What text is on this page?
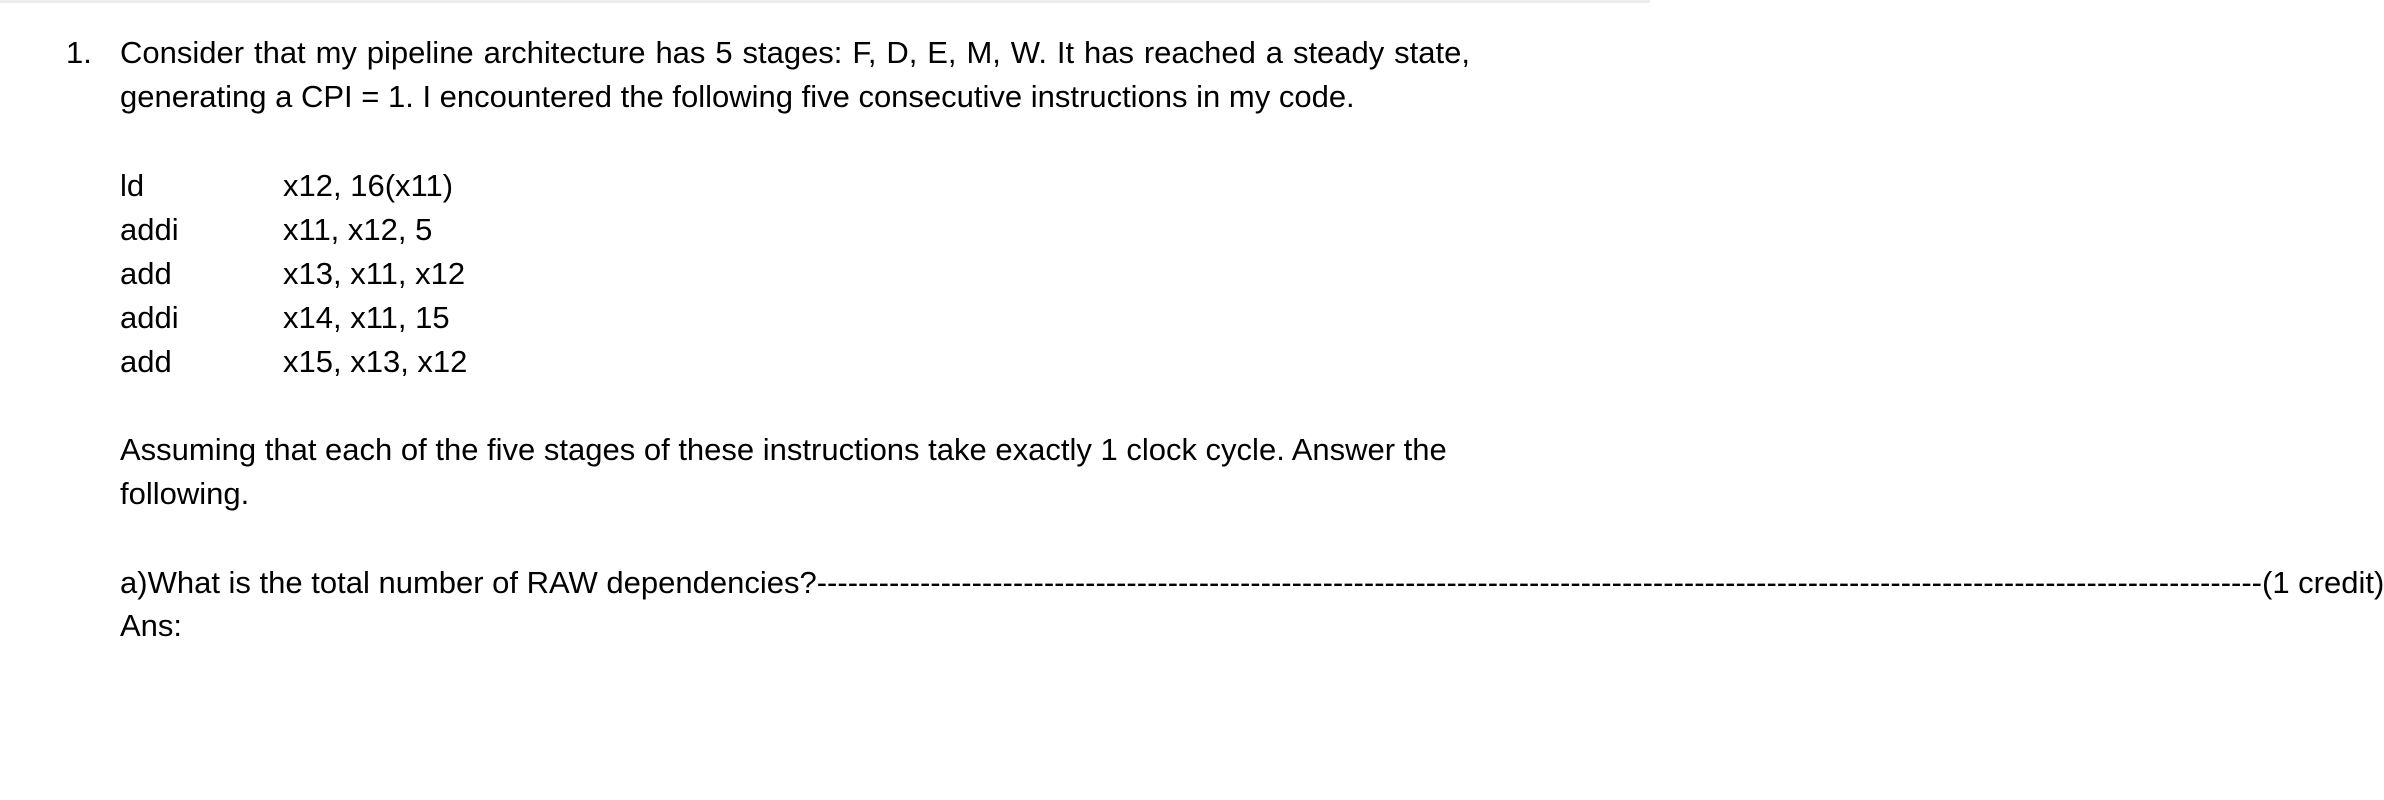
1. Consider that my pipeline architecture has 5 stages: F, D, E, M, W. It has reached a steady state, generating a CPI = 1. I encountered the following five consecutive instructions in my code.
ld	x12, 16(x11)
addi	x11, x12, 5
add	x13, x11, x12
addi	x14, x11, 15
add	x15, x13, x12
Assuming that each of the five stages of these instructions take exactly 1 clock cycle. Answer the following.
a) What is the total number of RAW dependencies? -------------------------------------------------------------------------------------------------------------------------------------------- (1 credit)
Ans:
